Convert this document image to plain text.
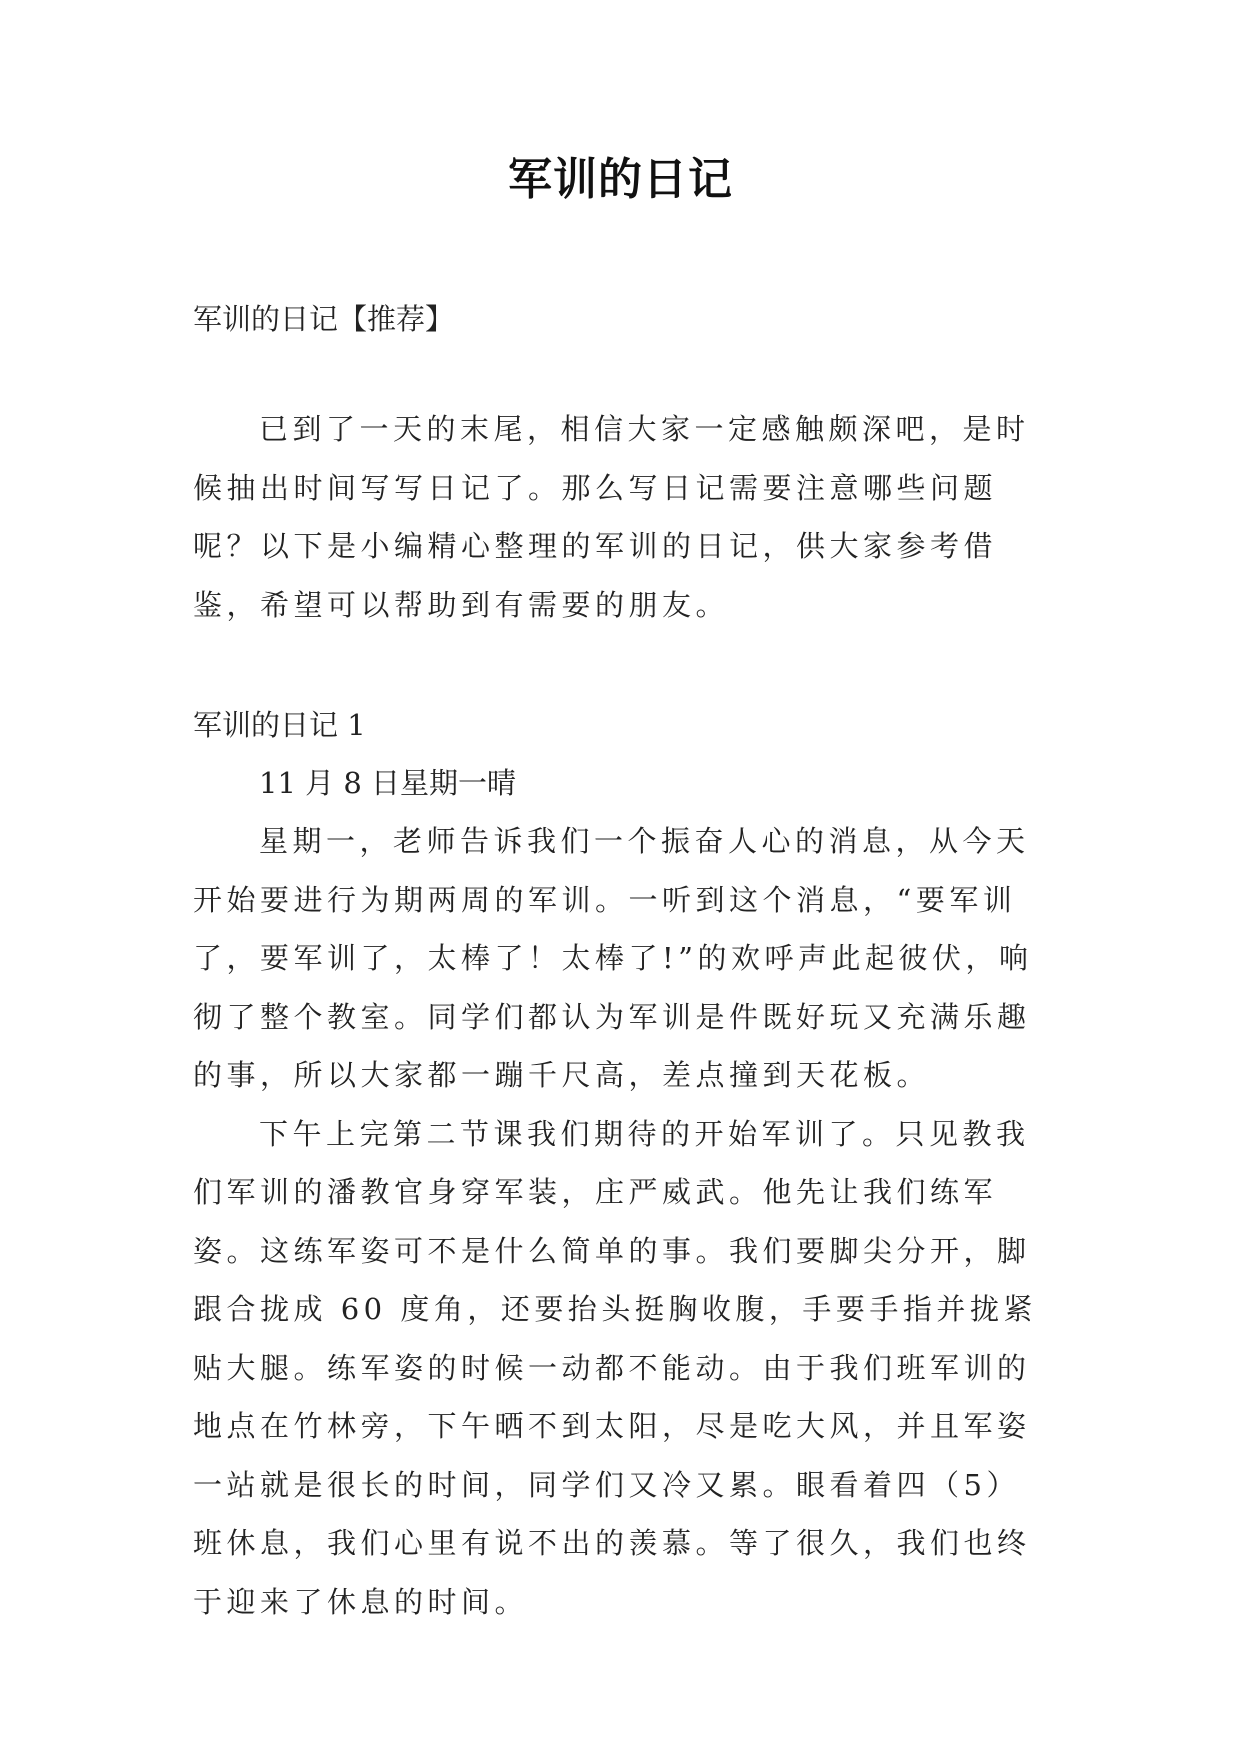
军训的日记

军训的日记【推荐】

已到了一天的末尾，相信大家一定感触颇深吧，是时候抽出时间写写日记了。那么写日记需要注意哪些问题呢？以下是小编精心整理的军训的日记，供大家参考借鉴，希望可以帮助到有需要的朋友。

军训的日记 1

11 月 8 日星期一晴

星期一，老师告诉我们一个振奋人心的消息，从今天开始要进行为期两周的军训。一听到这个消息，“要军训了，要军训了，太棒了！太棒了!”的欢呼声此起彼伏，响彻了整个教室。同学们都认为军训是件既好玩又充满乐趣的事，所以大家都一蹦千尺高，差点撞到天花板。

下午上完第二节课我们期待的开始军训了。只见教我们军训的潘教官身穿军装，庄严威武。他先让我们练军姿。这练军姿可不是什么简单的事。我们要脚尖分开，脚跟合拢成 60 度角，还要抬头挺胸收腹，手要手指并拢紧贴大腿。练军姿的时候一动都不能动。由于我们班军训的地点在竹林旁，下午晒不到太阳，尽是吃大风，并且军姿一站就是很长的时间，同学们又冷又累。眼看着四（5）班休息，我们心里有说不出的羡慕。等了很久，我们也终于迎来了休息的时间。
